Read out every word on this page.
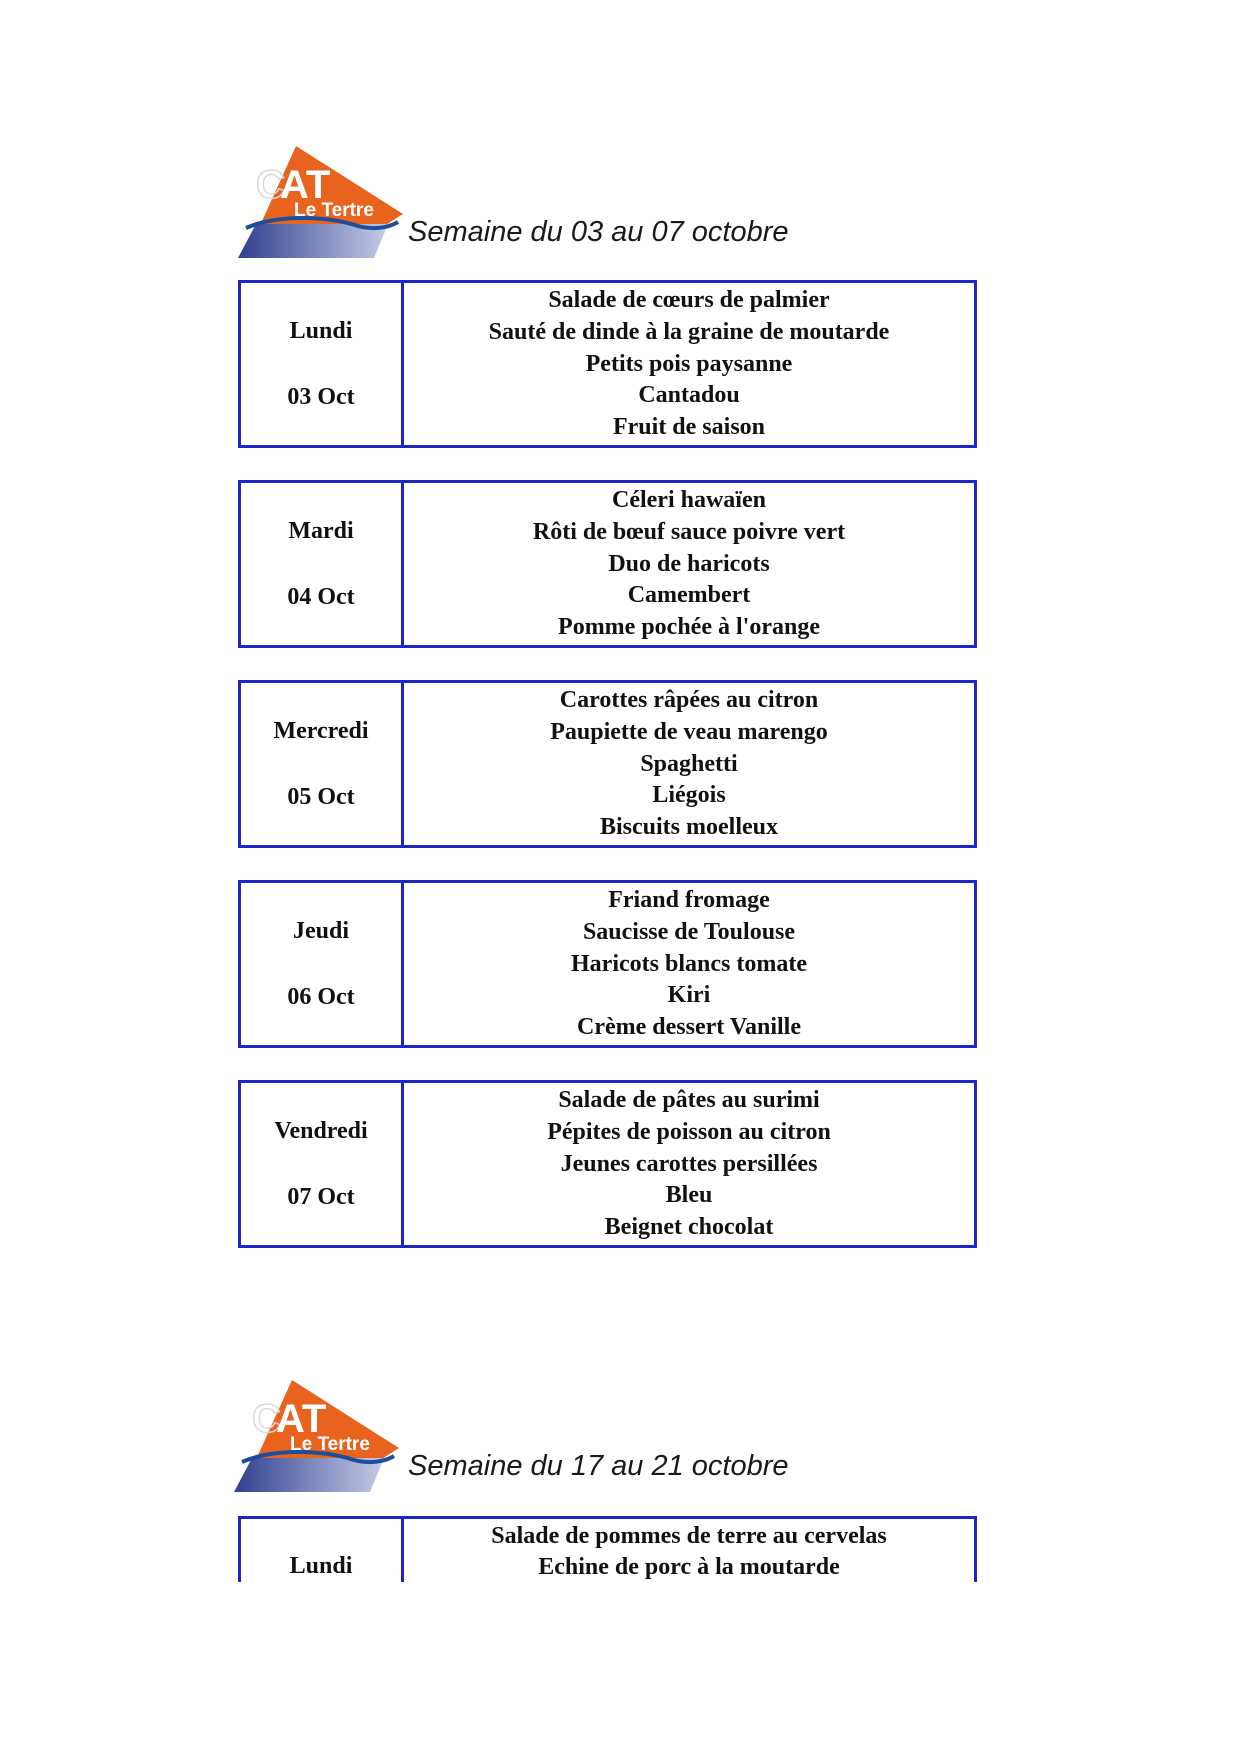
C
AT
Le Tertre
Semaine du 03 au 07 octobre
Lundi
03 Oct
Salade de cœurs de palmier
Sauté de dinde à la graine de moutarde
Petits pois paysanne
Cantadou
Fruit de saison
Mardi
04 Oct
Céleri hawaïen
Rôti de bœuf sauce poivre vert
Duo de haricots
Camembert
Pomme pochée à l'orange
Mercredi
05 Oct
Carottes râpées au citron
Paupiette de veau marengo
Spaghetti
Liégois
Biscuits moelleux
Jeudi
06 Oct
Friand fromage
Saucisse de Toulouse
Haricots blancs tomate
Kiri
Crème dessert Vanille
Vendredi
07 Oct
Salade de pâtes au surimi
Pépites de poisson au citron
Jeunes carottes persillées
Bleu
Beignet chocolat
C
AT
Le Tertre
Semaine du 17 au 21 octobre
Lundi
Salade de pommes de terre au cervelas
Echine de porc à la moutarde
